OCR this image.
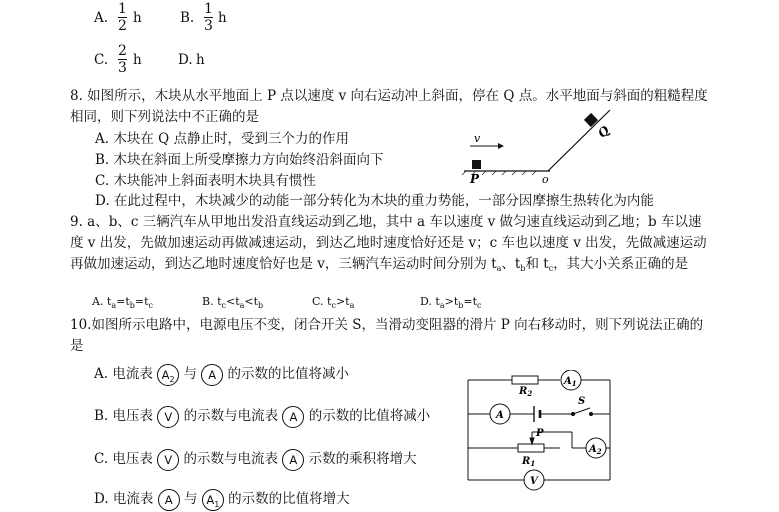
A.
1
2 h	B.
1
3 h
C.
2
3 h	D. h
8. 如图所示，木块从水平地面上 P 点以速度 v 向右运动冲上斜面，停在 Q 点。水平地面与斜面的粗糙程度
相同，则下列说法中不正确的是
A. 木块在 Q 点静止时，受到三个力的作用
B. 木块在斜面上所受摩擦力方向始终沿斜面向下
C. 木块能冲上斜面表明木块具有惯性
D. 在此过程中，木块减少的动能一部分转化为木块的重力势能，一部分因摩擦生热转化为内能
v
P	o
Q
9. a、b、c 三辆汽车从甲地出发沿直线运动到乙地，其中 a 车以速度 v 做匀速直线运动到乙地；b 车以速
度 v 出发，先做加速运动再做减速运动，到达乙地时速度恰好还是 v；c 车也以速度 v 出发，先做减速运动
再做加速运动，到达乙地时速度恰好也是 v，三辆汽车运动时间分别为 $t_a$、$t_b$和 $t_c$，其大小关系正确的是
A. $t_a=t_b=t_c$	B. $t_c<t_a<t_b$	C. $t_c>t_a$	D. $t_a>t_b=t_c$
10.如图所示电路中，电源电压不变，闭合开关 S，当滑动变阻器的滑片 P 向右移动时，则下列说法正确的
是
A. 电流表 $A_2$ 与 A 的示数的比值将减小
B. 电压表 V 的示数与电流表 A 的示数的比值将减小
C. 电压表 V 的示数与电流表 A 示数的乘积将增大
D. 电流表 A 与 $A_1$ 的示数的比值将增大
$R_2$
$A_1$
A
S
P
$R_1$
$A_2$
V
